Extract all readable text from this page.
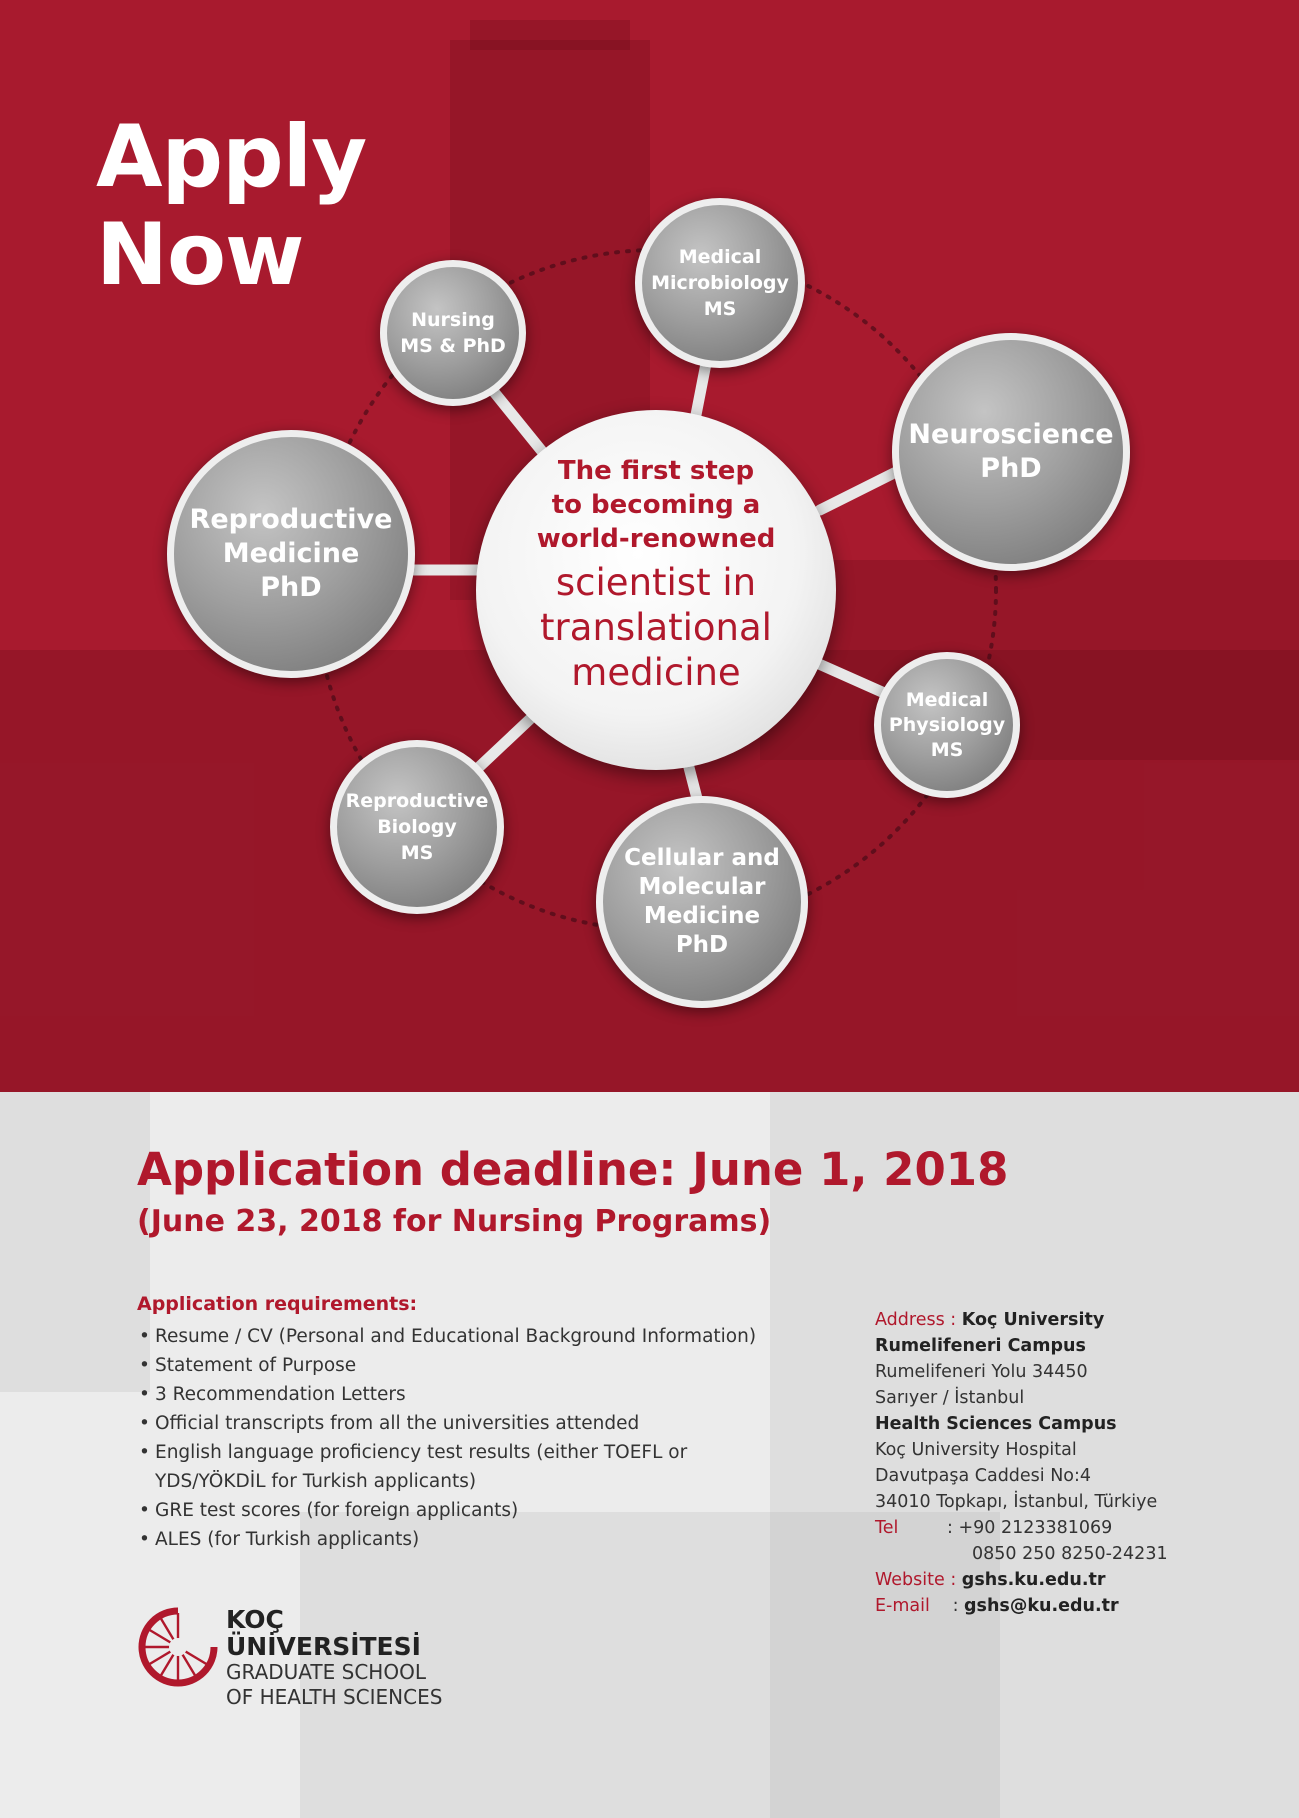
Apply
Now
Nursing
MS & PhD
Medical
Microbiology
MS
Neuroscience
PhD
Reproductive
Medicine
PhD
Medical
Physiology
MS
Reproductive
Biology
MS	Cellular and
Molecular
Medicine
PhD
The first step
to becoming a
world-renowned
scientist in
translational
medicine
Application deadline: June 1, 2018
(June 23, 2018 for Nursing Programs)
Application requirements:
• Resume / CV (Personal and Educational Background Information)
• Statement of Purpose
• 3 Recommendation Letters
• Official transcripts from all the universities attended
• English language proficiency test results (either TOEFL or YDS/YÖKDİL for Turkish applicants)
• GRE test scores (for foreign applicants)
• ALES (for Turkish applicants)
Address : Koç University
Rumelifeneri Campus
Rumelifeneri Yolu 34450
Sarıyer / İstanbul
Health Sciences Campus
Koç University Hospital
Davutpaşa Caddesi No:4
34010 Topkapı, İstanbul, Türkiye
Tel	: +90 2123381069
0850 250 8250-24231
Website : gshs.ku.edu.tr
E-mail : gshs@ku.edu.tr
KOÇ
ÜNİVERSİTESİ
GRADUATE SCHOOL
OF HEALTH SCIENCES
